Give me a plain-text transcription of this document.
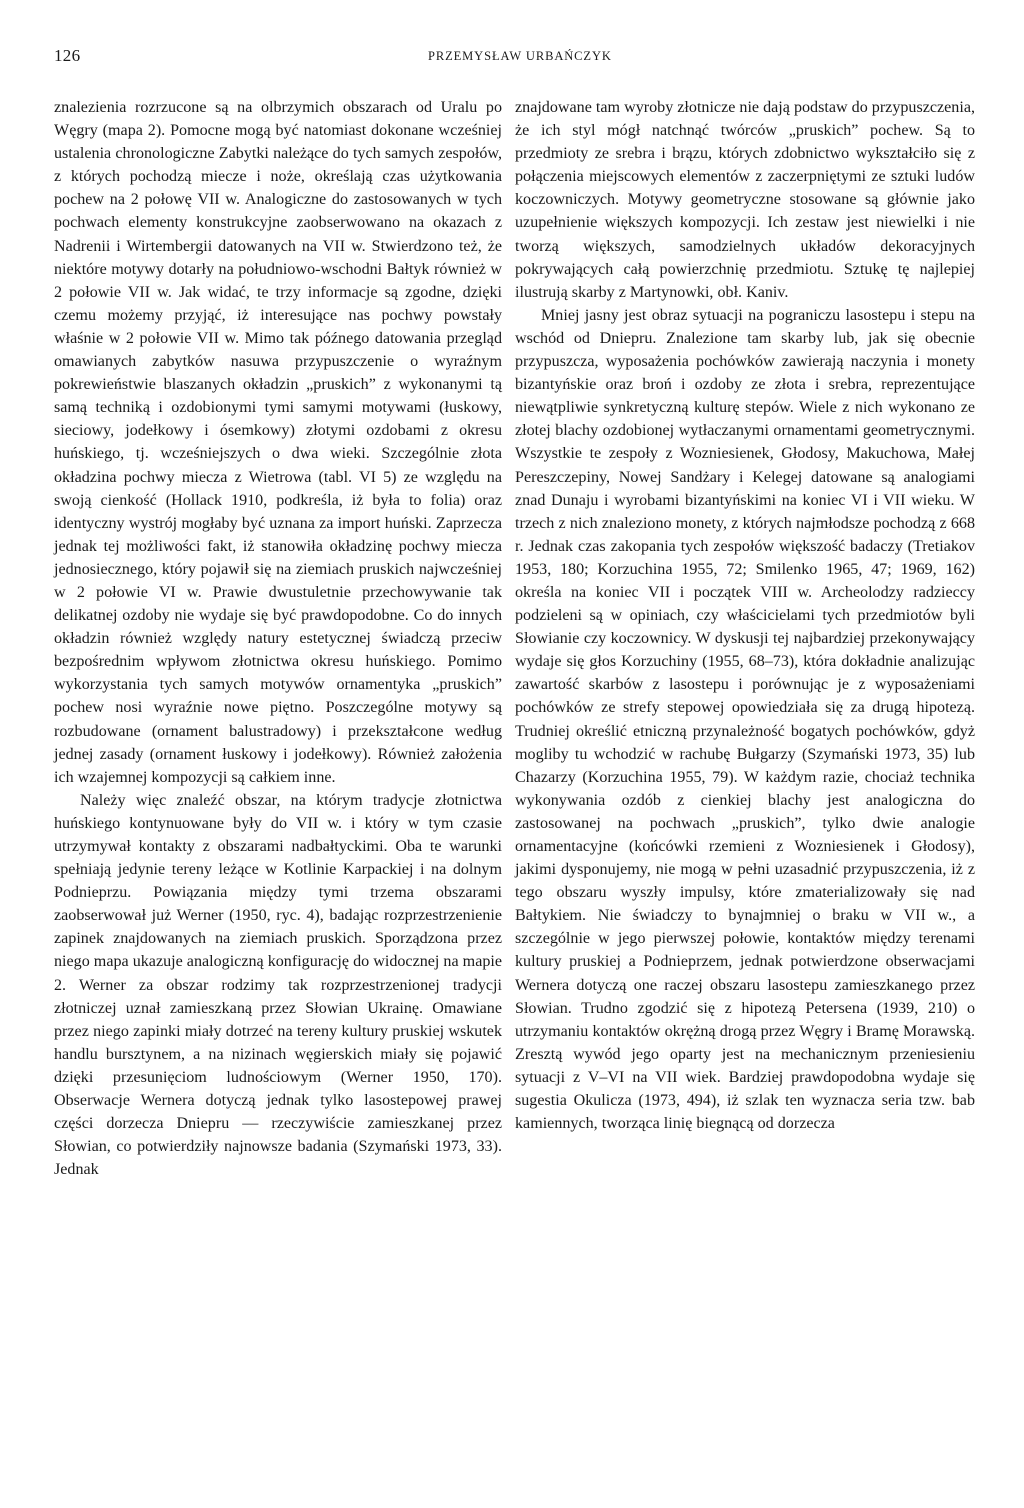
126	PRZEMYSŁAW URBAŃCZYK

znalezienia rozrzucone są na olbrzymich obszarach od Uralu po Węgry (mapa 2). Pomocne mogą być natomiast dokonane wcześniej ustalenia chronologiczne Zabytki należące do tych samych zespołów, z których pochodzą miecze i noże, określają czas użytkowania pochew na 2 połowę VII w. Analogiczne do zastosowanych w tych pochwach elementy konstrukcyjne zaobserwowano na okazach z Nadrenii i Wirtembergii datowanych na VII w. Stwierdzono też, że niektóre motywy dotarły na południowo-wschodni Bałtyk również w 2 połowie VII w. Jak widać, te trzy informacje są zgodne, dzięki czemu możemy przyjąć, iż interesujące nas pochwy powstały właśnie w 2 połowie VII w. Mimo tak późnego datowania przegląd omawianych zabytków nasuwa przypuszczenie o wyraźnym pokrewieństwie blaszanych okładzin „pruskich” z wykonanymi tą samą techniką i ozdobionymi tymi samymi motywami (łuskowy, sieciowy, jodełkowy i ósemkowy) złotymi ozdobami z okresu huńskiego, tj. wcześniejszych o dwa wieki. Szczególnie złota okładzina pochwy miecza z Wietrowa (tabl. VI 5) ze względu na swoją cienkość (Hollack 1910, podkreśla, iż była to folia) oraz identyczny wystrój mogłaby być uznana za import huński. Zaprzecza jednak tej możliwości fakt, iż stanowiła okładzinę pochwy miecza jednosiecznego, który pojawił się na ziemiach pruskich najwcześniej w 2 połowie VI w. Prawie dwustuletnie przechowywanie tak delikatnej ozdoby nie wydaje się być prawdopodobne. Co do innych okładzin również względy natury estetycznej świadczą przeciw bezpośrednim wpływom złotnictwa okresu huńskiego. Pomimo wykorzystania tych samych motywów ornamentyka „pruskich” pochew nosi wyraźnie nowe piętno. Poszczególne motywy są rozbudowane (ornament balustradowy) i przekształcone według jednej zasady (ornament łuskowy i jodełkowy). Również założenia ich wzajemnej kompozycji są całkiem inne.

Należy więc znaleźć obszar, na którym tradycje złotnictwa huńskiego kontynuowane były do VII w. i który w tym czasie utrzymywał kontakty z obszarami nadbałtyckimi. Oba te warunki spełniają jedynie tereny leżące w Kotlinie Karpackiej i na dolnym Podnieprzu. Powiązania między tymi trzema obszarami zaobserwował już Werner (1950, ryc. 4), badając rozprzestrzenienie zapinek znajdowanych na ziemiach pruskich. Sporządzona przez niego mapa ukazuje analogiczną konfigurację do widocznej na mapie 2. Werner za obszar rodzimy tak rozprzestrzenionej tradycji złotniczej uznał zamieszkaną przez Słowian Ukrainę. Omawiane przez niego zapinki miały dotrzeć na tereny kultury pruskiej wskutek handlu bursztynem, a na nizinach węgierskich miały się pojawić dzięki przesunięciom ludnościowym (Werner 1950, 170). Obserwacje Wernera dotyczą jednak tylko lasostepowej prawej części dorzecza Dniepru — rzeczywiście zamieszkanej przez Słowian, co potwierdziły najnowsze badania (Szymański 1973, 33). Jednak

znajdowane tam wyroby złotnicze nie dają podstaw do przypuszczenia, że ich styl mógł natchnąć twórców „pruskich” pochew. Są to przedmioty ze srebra i brązu, których zdobnictwo wykształciło się z połączenia miejscowych elementów z zaczerpniętymi ze sztuki ludów koczowniczych. Motywy geometryczne stosowane są głównie jako uzupełnienie większych kompozycji. Ich zestaw jest niewielki i nie tworzą większych, samodzielnych układów dekoracyjnych pokrywających całą powierzchnię przedmiotu. Sztukę tę najlepiej ilustrują skarby z Martynowki, obł. Kaniv.

Mniej jasny jest obraz sytuacji na pograniczu lasostepu i stepu na wschód od Dniepru. Znalezione tam skarby lub, jak się obecnie przypuszcza, wyposażenia pochówków zawierają naczynia i monety bizantyńskie oraz broń i ozdoby ze złota i srebra, reprezentujące niewątpliwie synkretyczną kulturę stepów. Wiele z nich wykonano ze złotej blachy ozdobionej wytłaczanymi ornamentami geometrycznymi. Wszystkie te zespoły z Wozniesienek, Głodosy, Makuchowa, Małej Pereszczepiny, Nowej Sandżary i Kelegej datowane są analogiami znad Dunaju i wyrobami bizantyńskimi na koniec VI i VII wieku. W trzech z nich znaleziono monety, z których najmłodsze pochodzą z 668 r. Jednak czas zakopania tych zespołów większość badaczy (Tretiakov 1953, 180; Korzuchina 1955, 72; Smilenko 1965, 47; 1969, 162) określa na koniec VII i początek VIII w. Archeolodzy radzieccy podzieleni są w opiniach, czy właścicielami tych przedmiotów byli Słowianie czy koczownicy. W dyskusji tej najbardziej przekonywający wydaje się głos Korzuchiny (1955, 68–73), która dokładnie analizując zawartość skarbów z lasostepu i porównując je z wyposażeniami pochówków ze strefy stepowej opowiedziała się za drugą hipotezą. Trudniej określić etniczną przynależność bogatych pochówków, gdyż mogliby tu wchodzić w rachubę Bułgarzy (Szymański 1973, 35) lub Chazarzy (Korzuchina 1955, 79). W każdym razie, chociaż technika wykonywania ozdób z cienkiej blachy jest analogiczna do zastosowanej na pochwach „pruskich”, tylko dwie analogie ornamentacyjne (końcówki rzemieni z Wozniesienek i Głodosy), jakimi dysponujemy, nie mogą w pełni uzasadnić przypuszczenia, iż z tego obszaru wyszły impulsy, które zmaterializowały się nad Bałtykiem. Nie świadczy to bynajmniej o braku w VII w., a szczególnie w jego pierwszej połowie, kontaktów między terenami kultury pruskiej a Podnieprzem, jednak potwierdzone obserwacjami Wernera dotyczą one raczej obszaru lasostepu zamieszkanego przez Słowian. Trudno zgodzić się z hipotezą Petersena (1939, 210) o utrzymaniu kontaktów okrężną drogą przez Węgry i Bramę Morawską. Zresztą wywód jego oparty jest na mechanicznym przeniesieniu sytuacji z V–VI na VII wiek. Bardziej prawdopodobna wydaje się sugestia Okulicza (1973, 494), iż szlak ten wyznacza seria tzw. bab kamiennych, tworząca linię biegnącą od dorzecza
